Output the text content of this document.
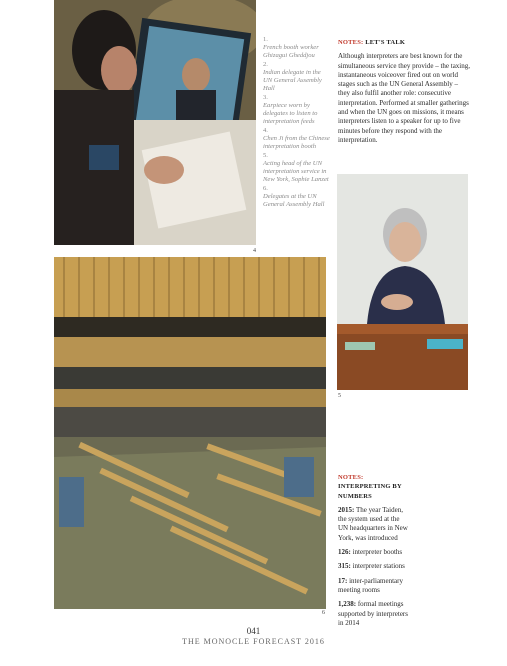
4
1.
French booth worker Ghizagui Gheddjou
2.
Indian delegate in the UN General Assembly Hall
3.
Earpiece worn by delegates to listen to interpretation feeds
4.
Chen Ji from the Chinese interpretation booth
5.
Acting head of the UN interpretation service in New York, Sophie Lanzet
6.
Delegates at the UN General Assembly Hall
NOTES: LET'S TALK
Although interpreters are best known for the simultaneous service they provide – the taxing, instantaneous voiceover fired out on world stages such as the UN General Assembly – they also fulfil another role: consecutive interpretation. Performed at smaller gatherings and when the UN goes on missions, it means interpreters listen to a speaker for up to five minutes before they respond with the interpretation.
5
6
NOTES: INTERPRETING BY NUMBERS
2015: The year Taiden, the system used at the UN headquarters in New York, was introduced
126: interpreter booths
315: interpreter stations
17: inter-parliamentary meeting rooms
1,238: formal meetings supported by interpreters in 2014
041
THE MONOCLE FORECAST 2016
